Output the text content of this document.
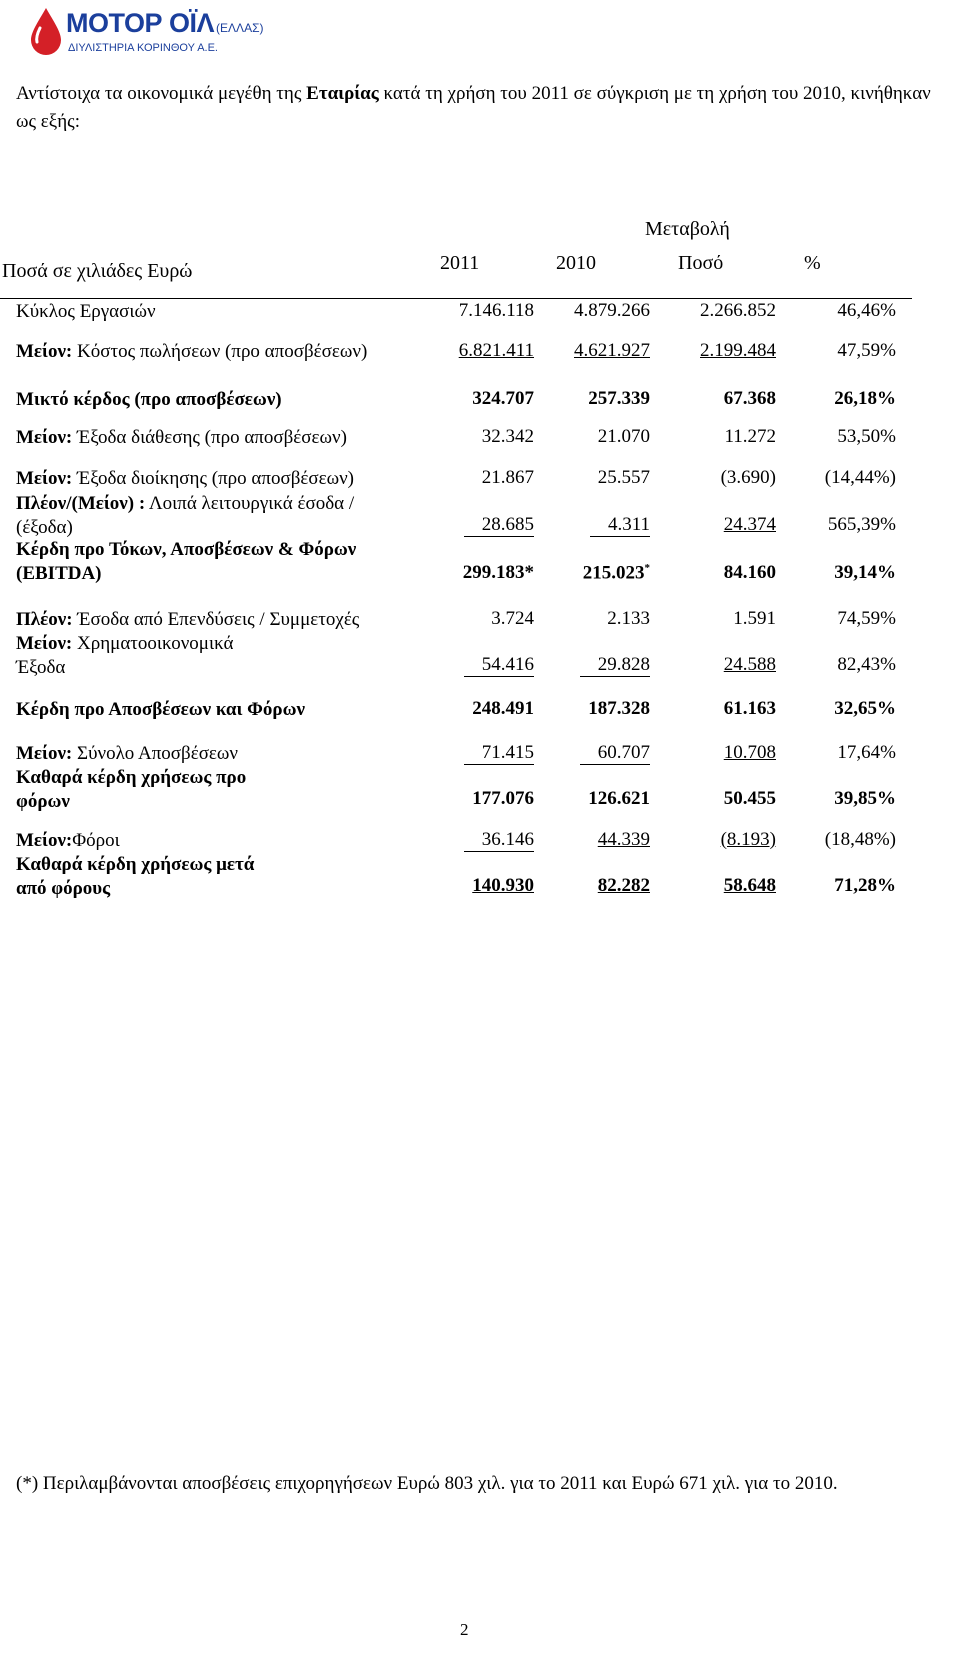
ΜΟΤΟΡ ΟΪΛ (ΕΛΛΑΣ)
ΔΙΥΛΙΣΤΗΡΙΑ ΚΟΡΙΝΘΟΥ Α.Ε.
Αντίστοιχα τα οικονομικά μεγέθη της Εταιρίας κατά τη χρήση του 2011 σε σύγκριση με τη χρήση του 2010, κινήθηκαν ως εξής:
Μεταβολή
Ποσά σε χιλιάδες Ευρώ	2011	2010	Ποσό	%
Κύκλος Εργασιών	7.146.118 4.879.266	2.266.852	46,46%
Μείον: Κόστος πωλήσεων (προ αποσβέσεων)	6.821.411 4.621.927	2.199.484	47,59%
Μικτό κέρδος (προ αποσβέσεων)	324.707	257.339	67.368	26,18%
Μείον: Έξοδα διάθεσης (προ αποσβέσεων)	32.342	21.070	11.272	53,50%
Μείον: Έξοδα διοίκησης (προ αποσβέσεων)	21.867	25.557	(3.690)	(14,44%)
Πλέον/(Μείον) : Λοιπά λειτουργικά έσοδα / (έξοδα)	28.685	4.311	24.374	565,39%
Κέρδη προ Τόκων, Αποσβέσεων & Φόρων (EBITDA)	299.183*	215.023*	84.160	39,14%
Πλέον: Έσοδα από Επενδύσεις / Συμμετοχές	3.724	2.133	1.591	74,59%
Μείον: Χρηματοοικονομικά Έξοδα	54.416	29.828	24.588	82,43%
Κέρδη προ Αποσβέσεων και Φόρων	248.491	187.328	61.163	32,65%
Μείον: Σύνολο Αποσβέσεων	71.415	60.707	10.708	17,64%
Καθαρά κέρδη χρήσεως προ φόρων	177.076	126.621	50.455	39,85%
Μείον:Φόροι	36.146	44.339	(8.193)	(18,48%)
Καθαρά κέρδη χρήσεως μετά από φόρους	140.930	82.282	58.648	71,28%
(*) Περιλαμβάνονται αποσβέσεις επιχορηγήσεων Ευρώ 803 χιλ. για το 2011 και Ευρώ 671 χιλ. για το 2010.
2
